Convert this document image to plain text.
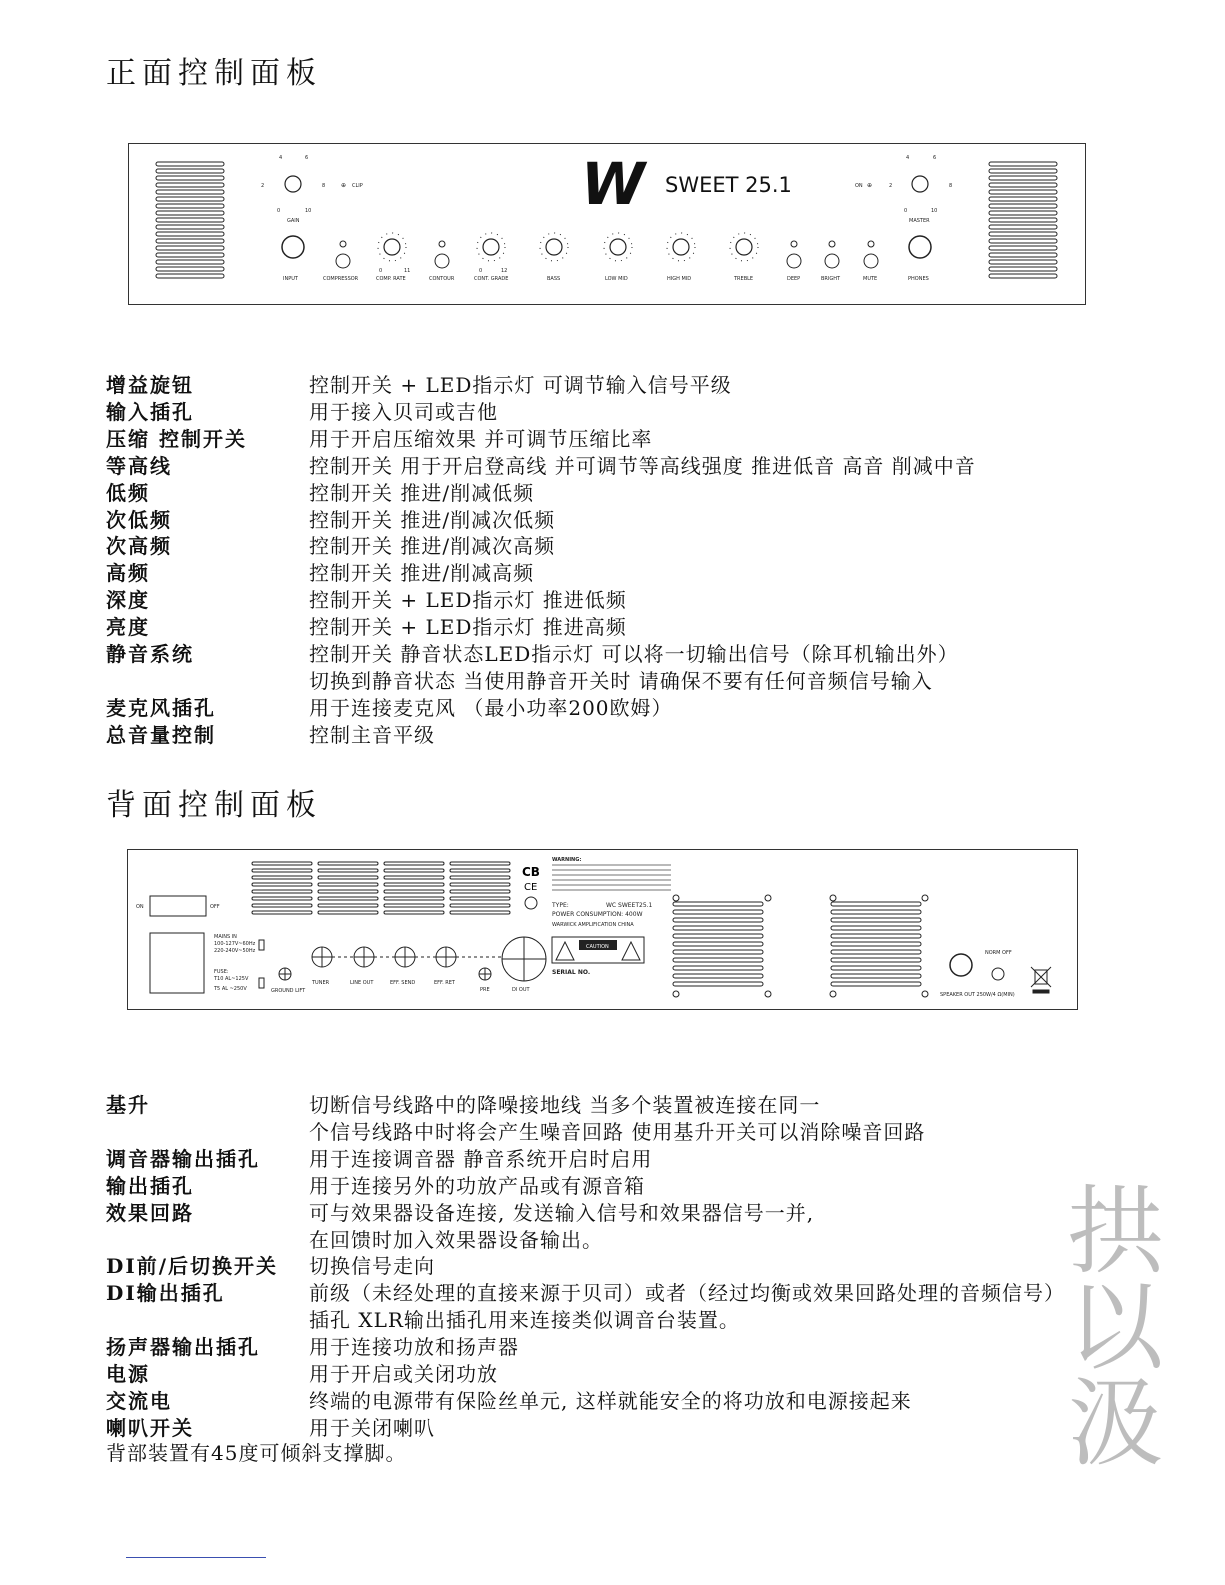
正面控制面板
4	6
2	8
0	10
GAIN
⊕ CLIP
INPUT	COMPRESSOR
0	11
COMP. RATE	CONTOUR
0	12
CONT. GRADE	BASS	LOW MID	HIGH MID	TREBLE	DEEP	BRIGHT	MUTE	PHONES
4	6
2	8
0	10
MASTER
ON ⊕
W SWEET 25.1
增益旋钮	控制开关 + LED指示灯 可调节输入信号平级
输入插孔	用于接入贝司或吉他
压缩 控制开关	用于开启压缩效果 并可调节压缩比率
等高线	控制开关 用于开启登高线 并可调节等高线强度 推进低音 高音 削减中音
低频	控制开关 推进/削减低频
次低频	控制开关 推进/削减次低频
次高频	控制开关 推进/削减次高频
高频	控制开关 推进/削减高频
深度	控制开关 + LED指示灯 推进低频
亮度	控制开关 + LED指示灯 推进高频
静音系统	控制开关 静音状态LED指示灯 可以将一切输出信号（除耳机输出外）
切换到静音状态 当使用静音开关时 请确保不要有任何音频信号输入
麦克风插孔	用于连接麦克风 （最小功率200欧姆）
总音量控制	控制主音平级
背面控制面板
ON	OFF
MAINS IN
100-127V~60Hz
220-240V~50Hz
FUSE:
T10 AL~125V
T5 AL ~250V	GROUND LIFT
TUNER	LINE OUT	EFF. SEND	EFF. RET
PRE	DI OUT
CB
CE
WARNING:
TYPE:	WC SWEET25.1
POWER CONSUMPTION: 400W
WARWICK AMPLIFICATION CHINA
CAUTION
SERIAL NO.
NORM OFF
SPEAKER OUT 250W/4 Ω(MIN)
基升	切断信号线路中的降噪接地线 当多个装置被连接在同一
个信号线路中时将会产生噪音回路 使用基升开关可以消除噪音回路
调音器输出插孔 用于连接调音器 静音系统开启时启用
输出插孔	用于连接另外的功放产品或有源音箱
效果回路	可与效果器设备连接, 发送输入信号和效果器信号一并,
在回馈时加入效果器设备输出。
DI前/后切换开关 切换信号走向
DI输出插孔	前级（未经处理的直接来源于贝司）或者（经过均衡或效果回路处理的音频信号）
插孔 XLR输出插孔用来连接类似调音台装置。
扬声器输出插孔 用于连接功放和扬声器
电源	用于开启或关闭功放
交流电	终端的电源带有保险丝单元, 这样就能安全的将功放和电源接起来
喇叭开关	用于关闭喇叭
背部装置有45度可倾斜支撑脚。	拱以汲
